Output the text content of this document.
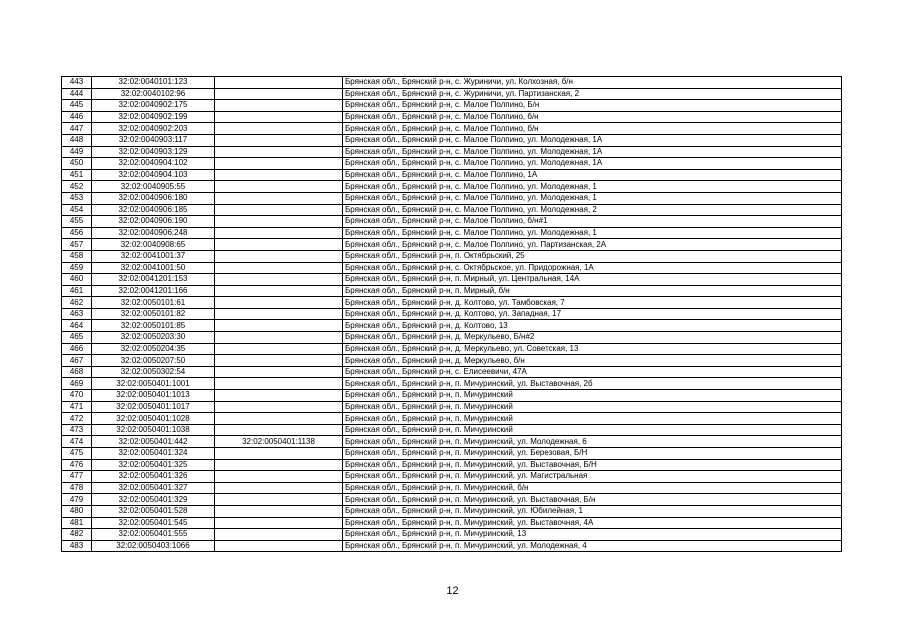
443	32:02:0040101:123		Брянская обл., Брянский р-н, с. Журиничи, ул. Колхозная, б/н
444	32:02:0040102:96		Брянская обл., Брянский р-н, с. Журиничи, ул. Партизанская, 2
445	32:02:0040902:175		Брянская обл., Брянский р-н, с. Малое Полпино, Б/н
446	32:02:0040902:199		Брянская обл., Брянский р-н, с. Малое Полпино, б/н
447	32:02:0040902:203		Брянская обл., Брянский р-н, с. Малое Полпино, б/н
448	32:02:0040903:117		Брянская обл., Брянский р-н, с. Малое Полпино, ул. Молодежная, 1А
449	32:02:0040903:129		Брянская обл., Брянский р-н, с. Малое Полпино, ул. Молодежная, 1А
450	32:02:0040904:102		Брянская обл., Брянский р-н, с. Малое Полпино, ул. Молодежная, 1А
451	32:02:0040904:103		Брянская обл., Брянский р-н, с. Малое Полпино, 1А
452	32:02:0040905:55		Брянская обл., Брянский р-н, с. Малое Полпино, ул. Молодежная, 1
453	32:02:0040906:180		Брянская обл., Брянский р-н, с. Малое Полпино, ул. Молодежная, 1
454	32:02:0040906:185		Брянская обл., Брянский р-н, с. Малое Полпино, ул. Молодежная, 2
455	32:02:0040906:190		Брянская обл., Брянский р-н, с. Малое Полпино, б/н#1
456	32:02:0040906:248		Брянская обл., Брянский р-н, с. Малое Полпино, ул. Молодежная, 1
457	32:02:0040908:65		Брянская обл., Брянский р-н, с. Малое Полпино, ул. Партизанская, 2А
458	32:02:0041001:37		Брянская обл., Брянский р-н, п. Октябрьский, 25
459	32:02:0041001:50		Брянская обл., Брянский р-н, с. Октябрьское, ул. Придорожная, 1А
460	32:02:0041201:153		Брянская обл., Брянский р-н, п. Мирный, ул. Центральная, 14А
461	32:02:0041201:166		Брянская обл., Брянский р-н, п. Мирный, б/н
462	32:02:0050101:61		Брянская обл., Брянский р-н, д. Колтово, ул. Тамбовская, 7
463	32:02:0050101:82		Брянская обл., Брянский р-н, д. Колтово, ул. Западная, 17
464	32:02:0050101:85		Брянская обл., Брянский р-н, д. Колтово, 13
465	32:02:0050203:30		Брянская обл., Брянский р-н, д. Меркульево, Б/н#2
466	32:02:0050204:35		Брянская обл., Брянский р-н, д. Меркульево, ул. Советская, 13
467	32:02:0050207:50		Брянская обл., Брянский р-н, д. Меркульево, б/н
468	32:02:0050302:54		Брянская обл., Брянский р-н, с. Елисеевичи, 47А
469	32:02:0050401:1001		Брянская обл., Брянский р-н, п. Мичуринский, ул. Выставочная, 2б
470	32:02:0050401:1013		Брянская обл., Брянский р-н, п. Мичуринский
471	32:02:0050401:1017		Брянская обл., Брянский р-н, п. Мичуринский
472	32:02:0050401:1028		Брянская обл., Брянский р-н, п. Мичуринский
473	32:02:0050401:1038		Брянская обл., Брянский р-н, п. Мичуринский
474	32:02:0050401:442	32:02:0050401:1138	Брянская обл., Брянский р-н, п. Мичуринский, ул. Молодежная, 6
475	32:02:0050401:324		Брянская обл., Брянский р-н, п. Мичуринский, ул. Березовая, Б/Н
476	32:02:0050401:325		Брянская обл., Брянский р-н, п. Мичуринский, ул. Выставочная, Б/Н
477	32:02:0050401:326		Брянская обл., Брянский р-н, п. Мичуринский, ул. Магистральная
478	32:02:0050401:327		Брянская обл., Брянский р-н, п. Мичуринский, б/н
479	32:02:0050401:329		Брянская обл., Брянский р-н, п. Мичуринский, ул. Выставочная, Б/н
480	32:02:0050401:528		Брянская обл., Брянский р-н, п. Мичуринский, ул. Юбилейная, 1
481	32:02:0050401:545		Брянская обл., Брянский р-н, п. Мичуринский, ул. Выставочная, 4А
482	32:02:0050401:555		Брянская обл., Брянский р-н, п. Мичуринский, 13
483	32:02:0050403:1066		Брянская обл., Брянский р-н, п. Мичуринский, ул. Молодежная, 4
12
